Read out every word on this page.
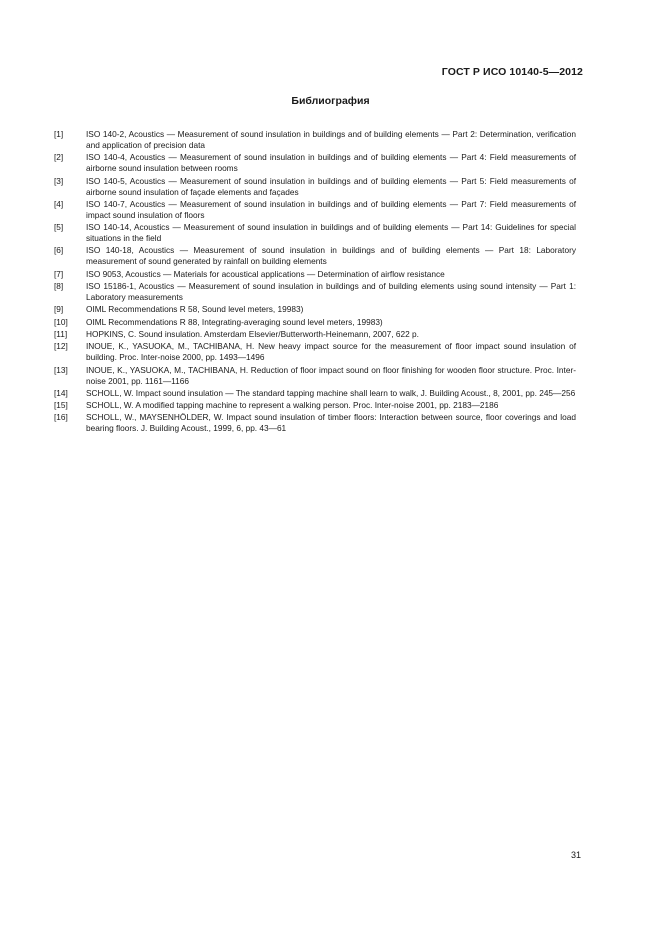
ГОСТ Р ИСО 10140-5—2012
Библиография
[1]	ISO 140-2, Acoustics — Measurement of sound insulation in buildings and of building elements — Part 2: Determination, verification and application of precision data
[2]	ISO 140-4, Acoustics — Measurement of sound insulation in buildings and of building elements — Part 4: Field measurements of airborne sound insulation between rooms
[3]	ISO 140-5, Acoustics — Measurement of sound insulation in buildings and of building elements — Part 5: Field measurements of airborne sound insulation of façade elements and façades
[4]	ISO 140-7, Acoustics — Measurement of sound insulation in buildings and of building elements — Part 7: Field measurements of impact sound insulation of floors
[5]	ISO 140-14, Acoustics — Measurement of sound insulation in buildings and of building elements — Part 14: Guidelines for special situations in the field
[6]	ISO 140-18, Acoustics — Measurement of sound insulation in buildings and of building elements — Part 18: Laboratory measurement of sound generated by rainfall on building elements
[7]	ISO 9053, Acoustics — Materials for acoustical applications — Determination of airflow resistance
[8]	ISO 15186-1, Acoustics — Measurement of sound insulation in buildings and of building elements using sound intensity — Part 1: Laboratory measurements
[9]	OIML Recommendations R 58, Sound level meters, 19983)
[10]	OIML Recommendations R 88, Integrating-averaging sound level meters, 19983)
[11]	HOPKINS, C. Sound insulation. Amsterdam Elsevier/Butterworth-Heinemann, 2007, 622 p.
[12]	INOUE, K., YASUOKA, M., TACHIBANA, H. New heavy impact source for the measurement of floor impact sound insulation of building. Proc. Inter-noise 2000, pp. 1493—1496
[13]	INOUE, K., YASUOKA, M., TACHIBANA, H. Reduction of floor impact sound on floor finishing for wooden floor structure. Proc. Inter-noise 2001, pp. 1161—1166
[14]	SCHOLL, W. Impact sound insulation — The standard tapping machine shall learn to walk, J. Building Acoust., 8, 2001, pp. 245—256
[15]	SCHOLL, W. A modified tapping machine to represent a walking person. Proc. Inter-noise 2001, pp. 2183—2186
[16]	SCHOLL, W., MAYSENHÖLDER, W. Impact sound insulation of timber floors: Interaction between source, floor coverings and load bearing floors. J. Building Acoust., 1999, 6, pp. 43—61
31
